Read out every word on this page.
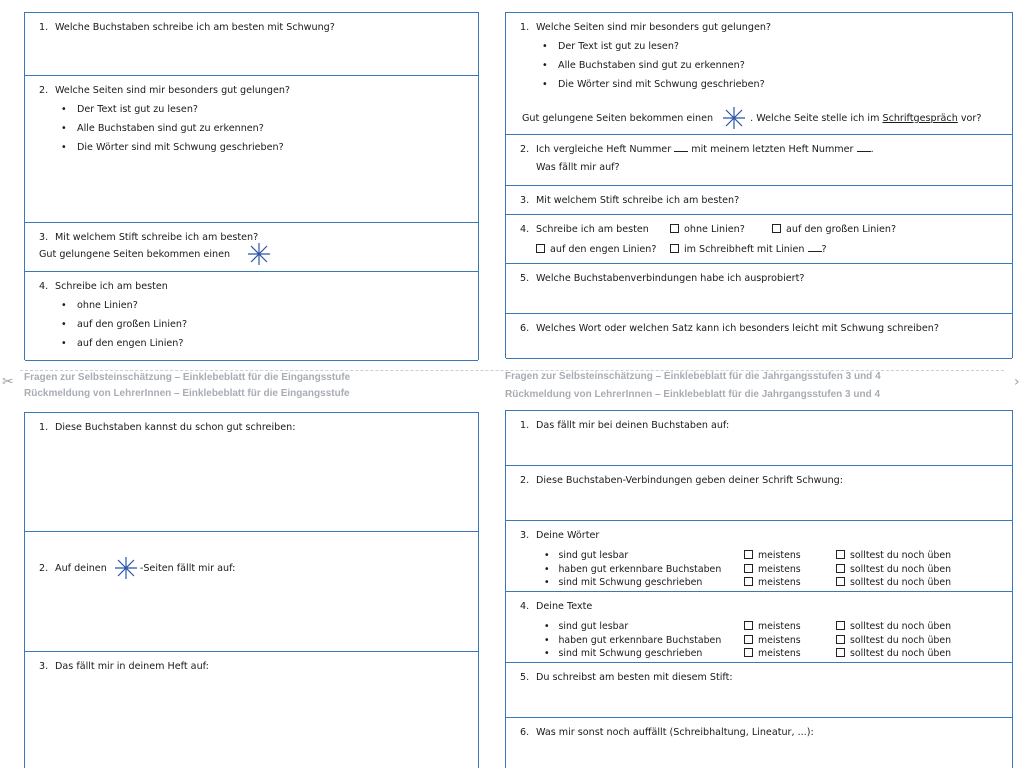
1. Welche Buchstaben schreibe ich am besten mit Schwung?
2. Welche Seiten sind mir besonders gut gelungen?
• Der Text ist gut zu lesen?
• Alle Buchstaben sind gut zu erkennen?
• Die Wörter sind mit Schwung geschrieben?
Gut gelungene Seiten bekommen einen
3. Mit welchem Stift schreibe ich am besten?
4. Schreibe ich am besten
• ohne Linien?
• auf den großen Linien?
• auf den engen Linien?
1. Welche Seiten sind mir besonders gut gelungen?
• Der Text ist gut zu lesen?
• Alle Buchstaben sind gut zu erkennen?
• Die Wörter sind mit Schwung geschrieben?
Gut gelungene Seiten bekommen einen	. Welche Seite stelle ich im Schriftgespräch vor?
2. Ich vergleiche Heft Nummer mit meinem letzten Heft Nummer .
Was fällt mir auf?
3. Mit welchem Stift schreibe ich am besten?
4. Schreibe ich am besten	ohne Linien?	auf den großen Linien?
auf den engen Linien?	im Schreibheft mit Linien ?
5. Welche Buchstabenverbindungen habe ich ausprobiert?
6. Welches Wort oder welchen Satz kann ich besonders leicht mit Schwung schreiben?
✂	›
Fragen zur Selbsteinschätzung – Einklebeblatt für die Eingangsstufe
Rückmeldung von LehrerInnen – Einklebeblatt für die Eingangsstufe
Fragen zur Selbsteinschätzung – Einklebeblatt für die Jahrgangsstufen 3 und 4
Rückmeldung von LehrerInnen – Einklebeblatt für die Jahrgangsstufen 3 und 4
1. Diese Buchstaben kannst du schon gut schreiben:
2. Auf deinen	-Seiten fällt mir auf:
3. Das fällt mir in deinem Heft auf:
1. Das fällt mir bei deinen Buchstaben auf:
2. Diese Buchstaben-Verbindungen geben deiner Schrift Schwung:
3. Deine Wörter
•   sind gut lesbar	meistens	solltest du noch üben
•   haben gut erkennbare Buchstaben	meistens	solltest du noch üben
•   sind mit Schwung geschrieben	meistens	solltest du noch üben
4. Deine Texte
•   sind gut lesbar	meistens	solltest du noch üben
•   haben gut erkennbare Buchstaben	meistens	solltest du noch üben
•   sind mit Schwung geschrieben	meistens	solltest du noch üben
5. Du schreibst am besten mit diesem Stift:
6. Was mir sonst noch auffällt (Schreibhaltung, Lineatur, ...):
